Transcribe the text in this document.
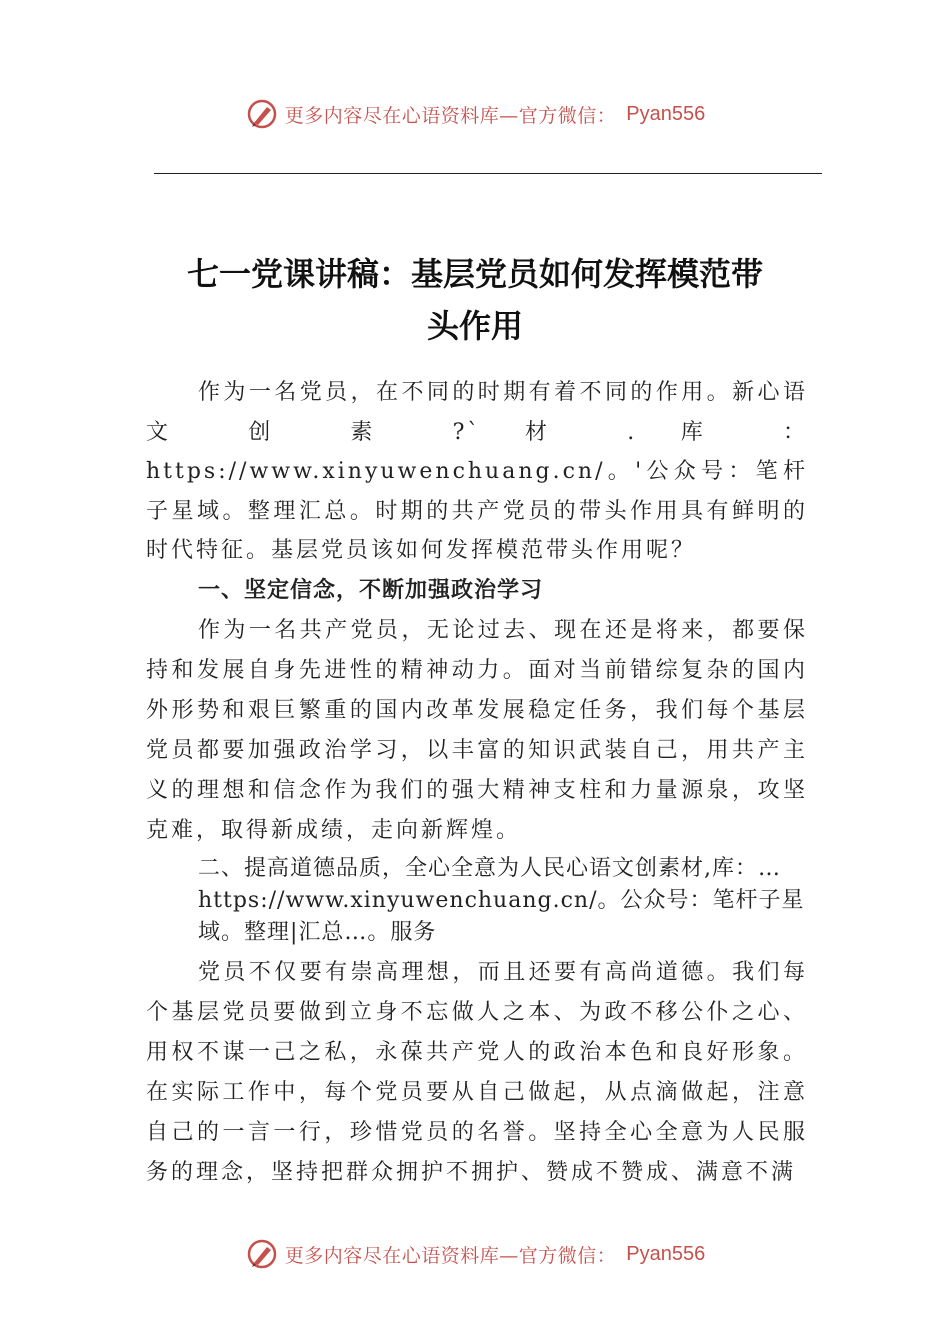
更多内容尽在心语资料库—官方微信： Pyan556
七一党课讲稿：基层党员如何发挥模范带
头作用

作为一名党员，在不同的时期有着不同的作用。新心语 文 创 素 ?` 材 . 库 ： https://www.xinyuwenchuang.cn/。'公众号：笔杆子星域。整理汇总。时期的共产党员的带头作用具有鲜明的时代特征。基层党员该如何发挥模范带头作用呢？

一、坚定信念，不断加强政治学习

作为一名共产党员，无论过去、现在还是将来，都要保持和发展自身先进性的精神动力。面对当前错综复杂的国内外形势和艰巨繁重的国内改革发展稳定任务，我们每个基层党员都要加强政治学习，以丰富的知识武装自己，用共产主义的理想和信念作为我们的强大精神支柱和力量源泉，攻坚克难，取得新成绩，走向新辉煌。

二、提高道德品质，全心全意为人民心语文创素材,库：…https://www.xinyuwenchuang.cn/。公众号：笔杆子星域。整理|汇总…。服务

党员不仅要有崇高理想，而且还要有高尚道德。我们每个基层党员要做到立身不忘做人之本、为政不移公仆之心、用权不谋一己之私，永葆共产党人的政治本色和良好形象。在实际工作中，每个党员要从自己做起，从点滴做起，注意自己的一言一行，珍惜党员的名誉。坚持全心全意为人民服务的理念，坚持把群众拥护不拥护、赞成不赞成、满意不满

更多内容尽在心语资料库—官方微信： Pyan556
